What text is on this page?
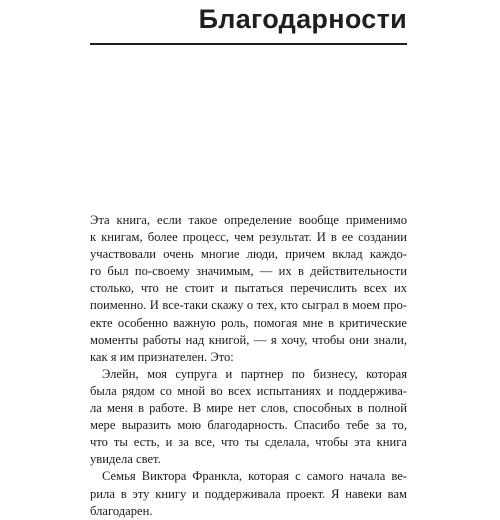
Благодарности

Эта книга, если такое определение вообще применимо
к книгам, более процесс, чем результат. И в ее создании
участвовали очень многие люди, причем вклад каждо-
го был по-своему значимым, — их в действительности
столько, что не стоит и пытаться перечислить всех их
поименно. И все-таки скажу о тех, кто сыграл в моем про-
екте особенно важную роль, помогая мне в критические
моменты работы над книгой, — я хочу, чтобы они знали,
как я им признателен. Это:

Элейн, моя супруга и партнер по бизнесу, которая
была рядом со мной во всех испытаниях и поддержива-
ла меня в работе. В мире нет слов, способных в полной
мере выразить мою благодарность. Спасибо тебе за то,
что ты есть, и за все, что ты сделала, чтобы эта книга
увидела свет.

Семья Виктора Франкла, которая с самого начала ве-
рила в эту книгу и поддерживала проект. Я навеки вам
благодарен.
